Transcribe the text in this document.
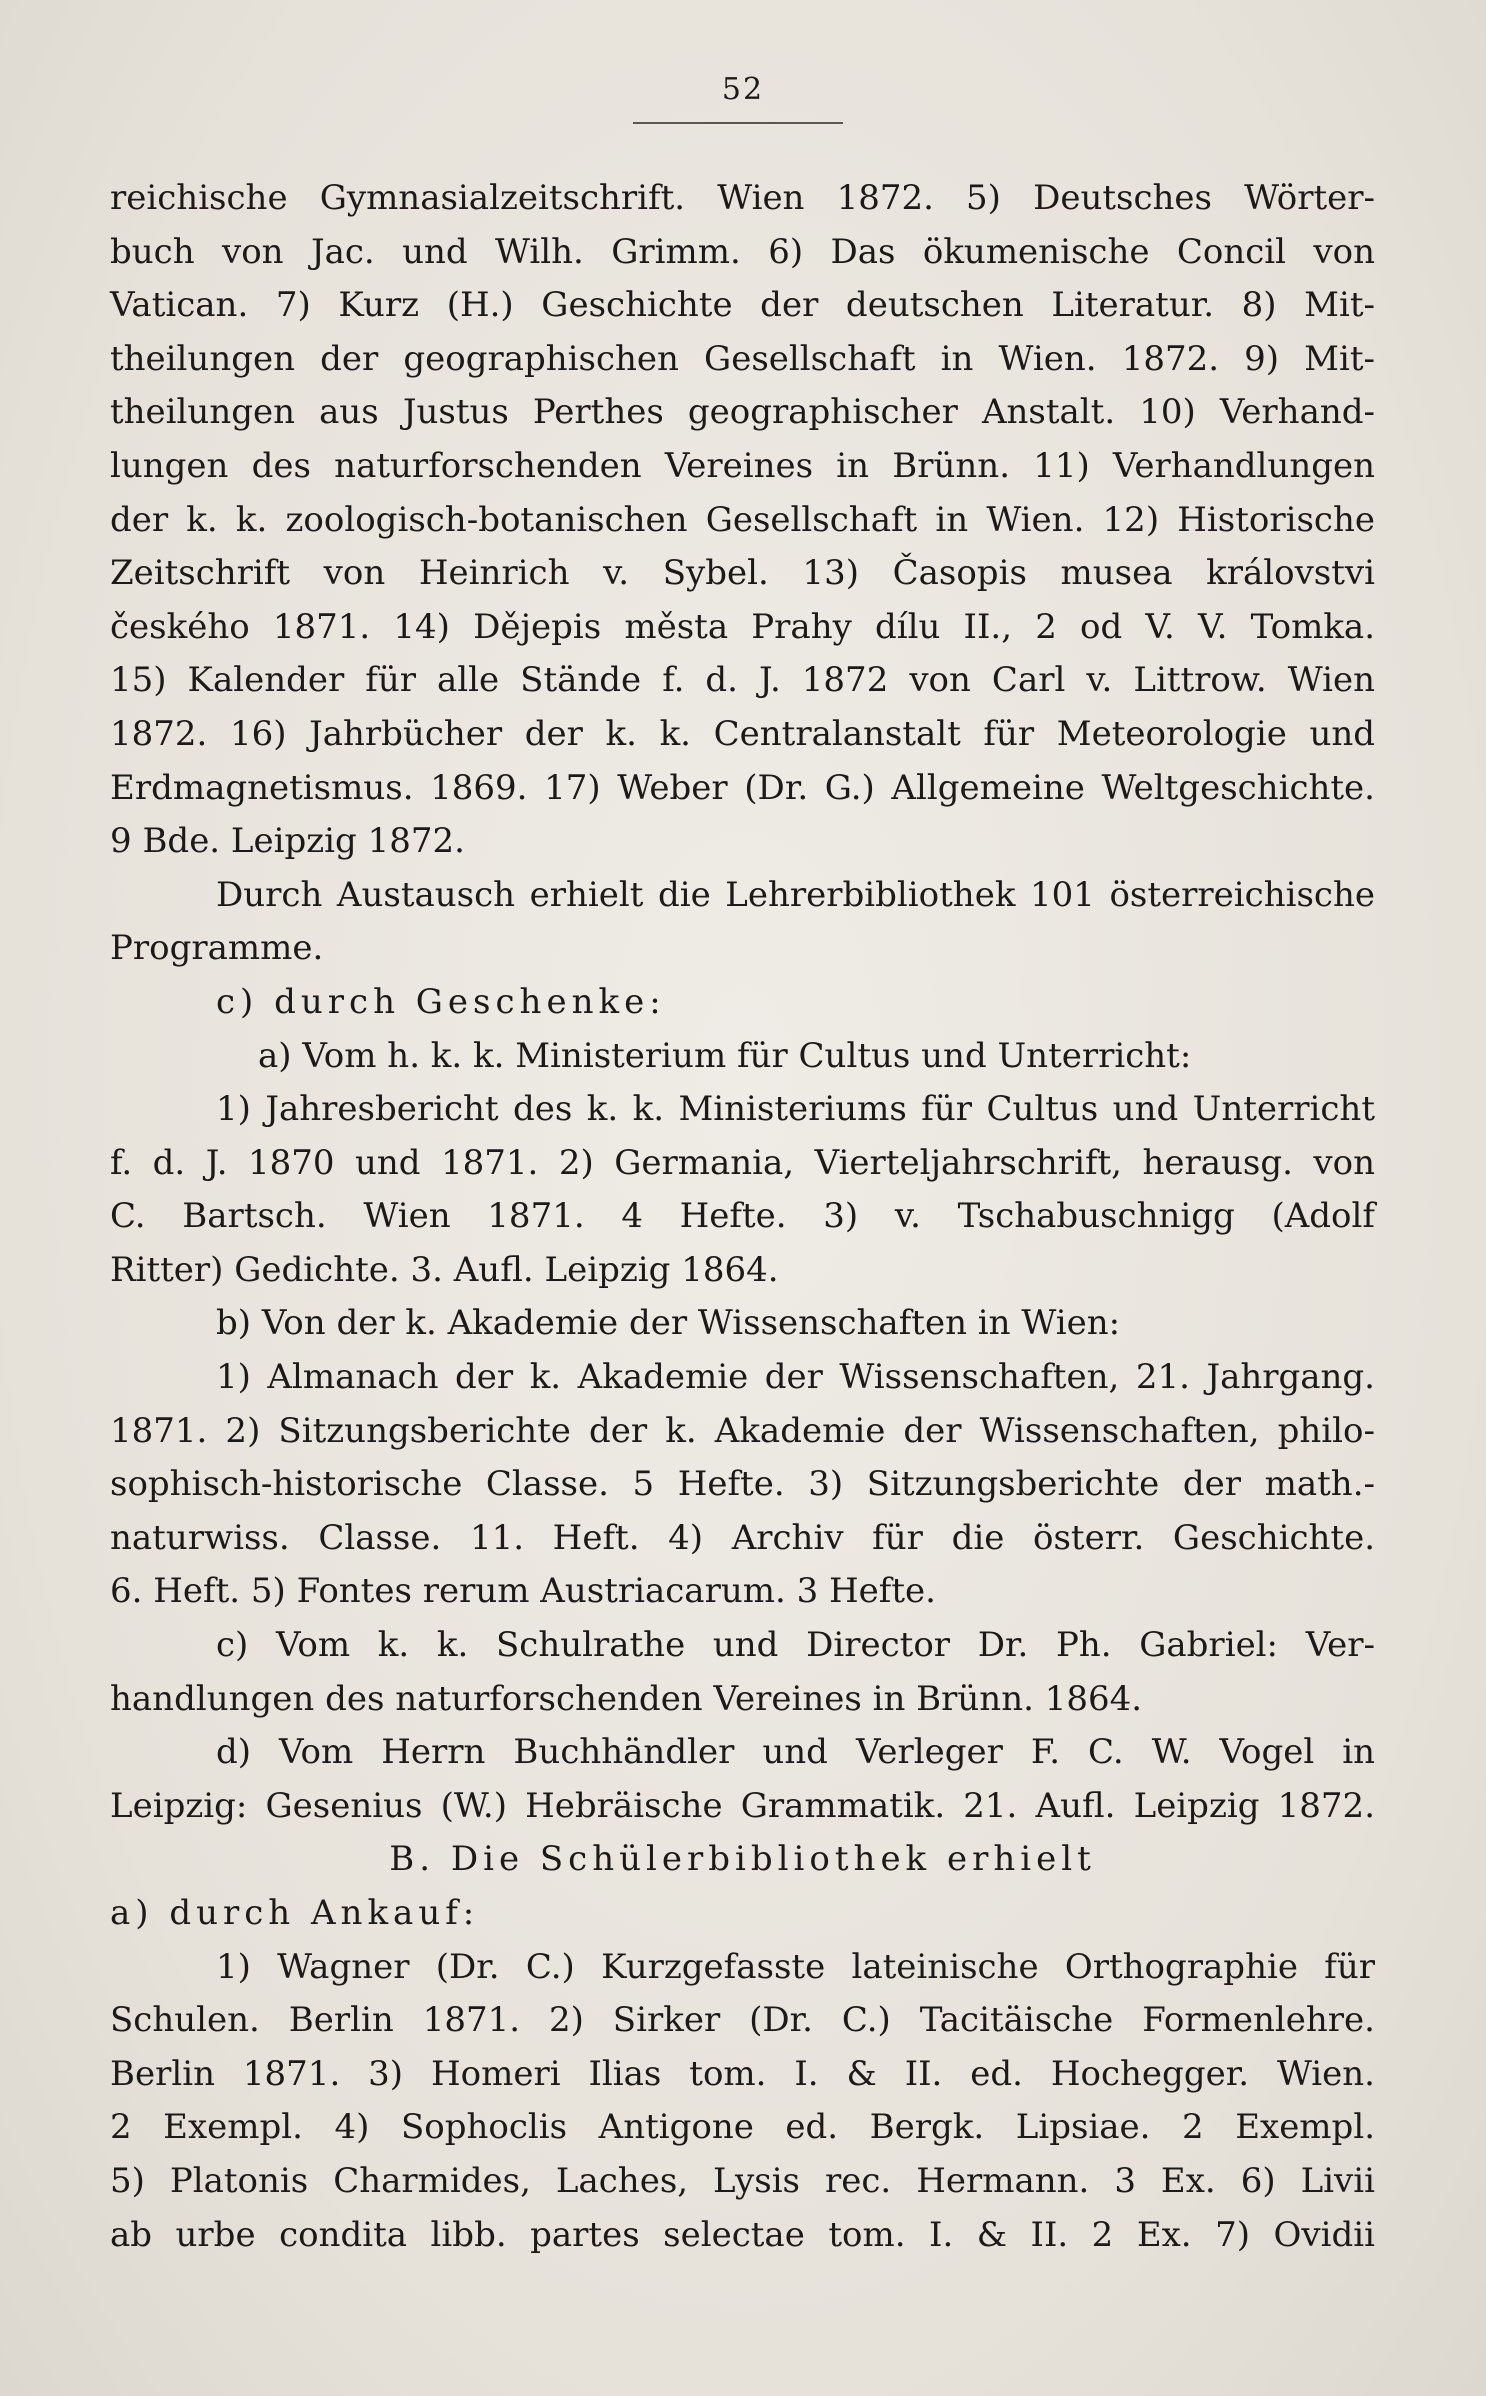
52
reichische Gymnasialzeitschrift. Wien 1872. 5) Deutsches Wörter-
buch von Jac. und Wilh. Grimm. 6) Das ökumenische Concil von
Vatican. 7) Kurz (H.) Geschichte der deutschen Literatur. 8) Mit-
theilungen der geographischen Gesellschaft in Wien. 1872. 9) Mit-
theilungen aus Justus Perthes geographischer Anstalt. 10) Verhand-
lungen des naturforschenden Vereines in Brünn. 11) Verhandlungen
der k. k. zoologisch-botanischen Gesellschaft in Wien. 12) Historische
Zeitschrift von Heinrich v. Sybel. 13) Časopis musea královstvi
českého 1871. 14) Dějepis města Prahy dílu II., 2 od V. V. Tomka.
15) Kalender für alle Stände f. d. J. 1872 von Carl v. Littrow. Wien
1872. 16) Jahrbücher der k. k. Centralanstalt für Meteorologie und
Erdmagnetismus. 1869. 17) Weber (Dr. G.) Allgemeine Weltgeschichte.
9 Bde. Leipzig 1872.
Durch Austausch erhielt die Lehrerbibliothek 101 österreichische
Programme.
c) durch Geschenke:
a) Vom h. k. k. Ministerium für Cultus und Unterricht:
1) Jahresbericht des k. k. Ministeriums für Cultus und Unterricht
f. d. J. 1870 und 1871. 2) Germania, Vierteljahrschrift, herausg. von
C. Bartsch. Wien 1871. 4 Hefte. 3) v. Tschabuschnigg (Adolf
Ritter) Gedichte. 3. Aufl. Leipzig 1864.
b) Von der k. Akademie der Wissenschaften in Wien:
1) Almanach der k. Akademie der Wissenschaften, 21. Jahrgang.
1871. 2) Sitzungsberichte der k. Akademie der Wissenschaften, philo-
sophisch-historische Classe. 5 Hefte. 3) Sitzungsberichte der math.-
naturwiss. Classe. 11. Heft. 4) Archiv für die österr. Geschichte.
6. Heft. 5) Fontes rerum Austriacarum. 3 Hefte.
c) Vom k. k. Schulrathe und Director Dr. Ph. Gabriel: Ver-
handlungen des naturforschenden Vereines in Brünn. 1864.
d) Vom Herrn Buchhändler und Verleger F. C. W. Vogel in
Leipzig: Gesenius (W.) Hebräische Grammatik. 21. Aufl. Leipzig 1872.
B. Die Schülerbibliothek erhielt
a) durch Ankauf:
1) Wagner (Dr. C.) Kurzgefasste lateinische Orthographie für
Schulen. Berlin 1871. 2) Sirker (Dr. C.) Tacitäische Formenlehre.
Berlin 1871. 3) Homeri Ilias tom. I. & II. ed. Hochegger. Wien.
2 Exempl. 4) Sophoclis Antigone ed. Bergk. Lipsiae. 2 Exempl.
5) Platonis Charmides, Laches, Lysis rec. Hermann. 3 Ex. 6) Livii
ab urbe condita libb. partes selectae tom. I. & II. 2 Ex. 7) Ovidii
